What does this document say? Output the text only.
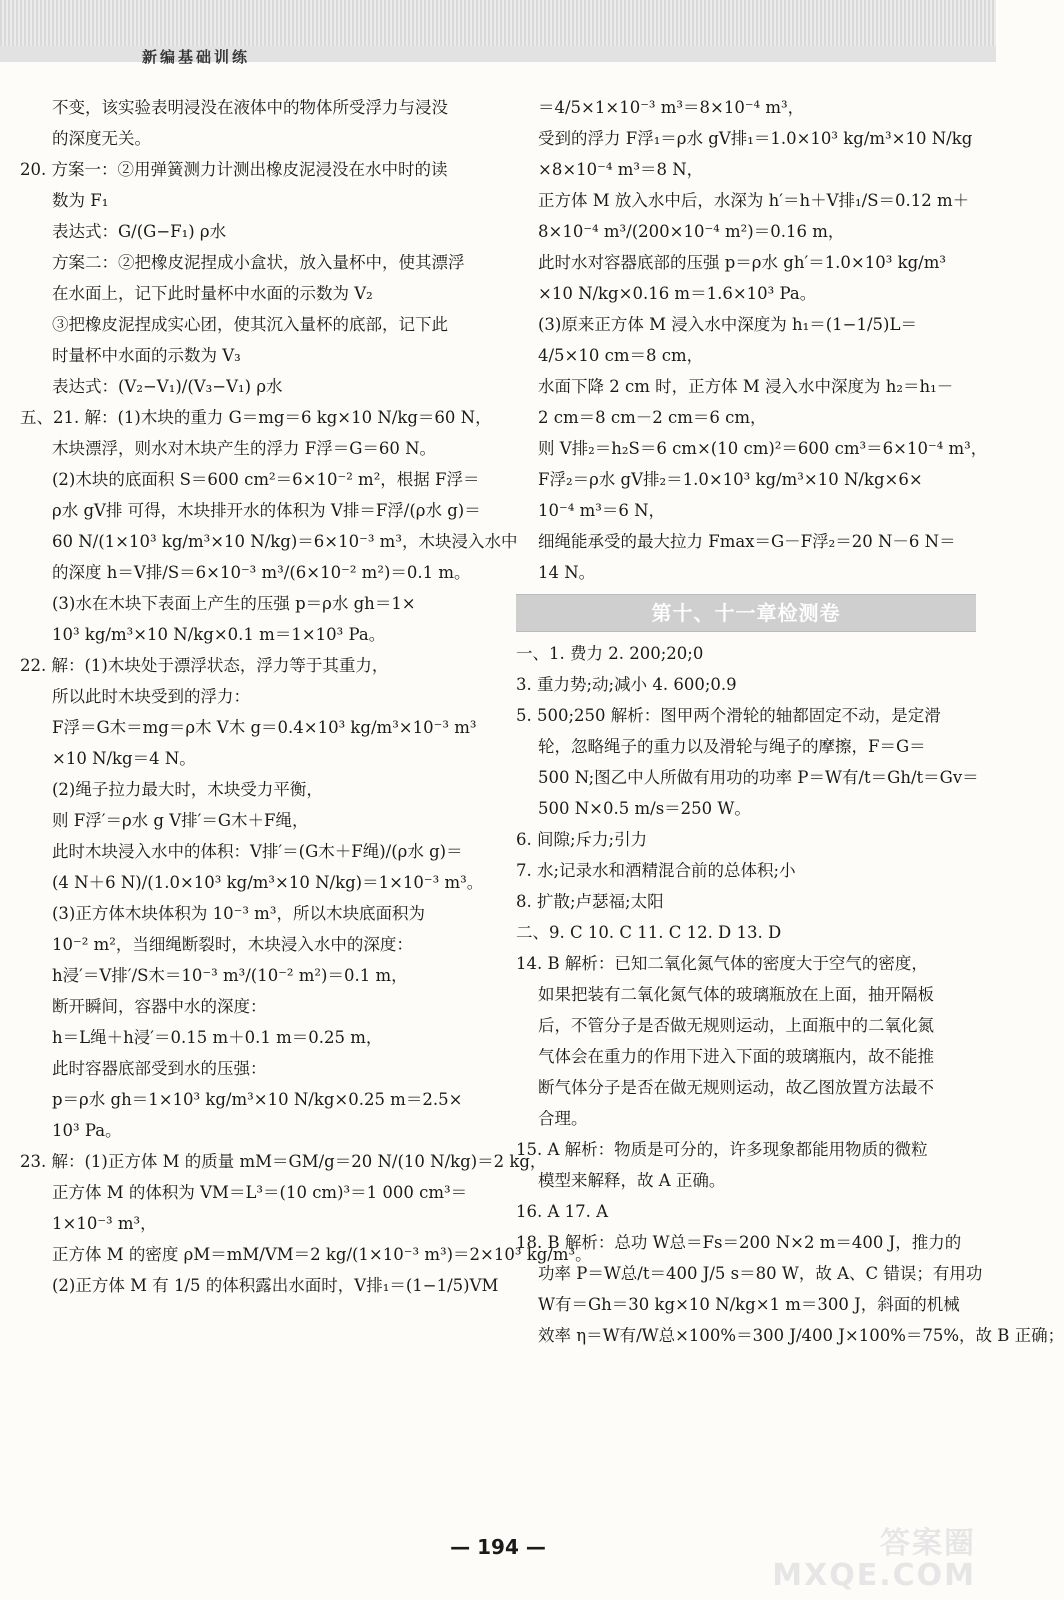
新编基础训练
不变，该实验表明浸没在液体中的物体所受浮力与浸没
的深度无关。
20. 方案一：②用弹簧测力计测出橡皮泥浸没在水中时的读
数为 F₁
表达式：G/(G−F₁) ρ水
方案二：②把橡皮泥捏成小盒状，放入量杯中，使其漂浮
在水面上，记下此时量杯中水面的示数为 V₂
③把橡皮泥捏成实心团，使其沉入量杯的底部，记下此
时量杯中水面的示数为 V₃
表达式：(V₂−V₁)/(V₃−V₁) ρ水
五、21. 解：(1)木块的重力 G＝mg＝6 kg×10 N/kg＝60 N，
木块漂浮，则水对木块产生的浮力 F浮＝G＝60 N。
(2)木块的底面积 S＝600 cm²＝6×10⁻² m²，根据 F浮＝
ρ水 gV排 可得，木块排开水的体积为 V排＝F浮/(ρ水 g)＝
60 N/(1×10³ kg/m³×10 N/kg)＝6×10⁻³ m³，木块浸入水中
的深度 h＝V排/S＝6×10⁻³ m³/(6×10⁻² m²)＝0.1 m。
(3)水在木块下表面上产生的压强 p＝ρ水 gh＝1×
10³ kg/m³×10 N/kg×0.1 m＝1×10³ Pa。
22. 解：(1)木块处于漂浮状态，浮力等于其重力，
所以此时木块受到的浮力：
F浮＝G木＝mg＝ρ木 V木 g＝0.4×10³ kg/m³×10⁻³ m³
×10 N/kg＝4 N。
(2)绳子拉力最大时，木块受力平衡，
则 F浮′＝ρ水 g V排′＝G木＋F绳，
此时木块浸入水中的体积：V排′＝(G木＋F绳)/(ρ水 g)＝
(4 N＋6 N)/(1.0×10³ kg/m³×10 N/kg)＝1×10⁻³ m³。
(3)正方体木块体积为 10⁻³ m³，所以木块底面积为
10⁻² m²，当细绳断裂时，木块浸入水中的深度：
h浸′＝V排′/S木＝10⁻³ m³/(10⁻² m²)＝0.1 m，
断开瞬间，容器中水的深度：
h＝L绳＋h浸′＝0.15 m＋0.1 m＝0.25 m，
此时容器底部受到水的压强：
p＝ρ水 gh＝1×10³ kg/m³×10 N/kg×0.25 m＝2.5×
10³ Pa。
23. 解：(1)正方体 M 的质量 mM＝GM/g＝20 N/(10 N/kg)＝2 kg，
正方体 M 的体积为 VM＝L³＝(10 cm)³＝1 000 cm³＝
1×10⁻³ m³，
正方体 M 的密度 ρM＝mM/VM＝2 kg/(1×10⁻³ m³)＝2×10³ kg/m³。
(2)正方体 M 有 1/5 的体积露出水面时，V排₁＝(1−1/5)VM
＝4/5×1×10⁻³ m³＝8×10⁻⁴ m³，
受到的浮力 F浮₁＝ρ水 gV排₁＝1.0×10³ kg/m³×10 N/kg
×8×10⁻⁴ m³＝8 N，
正方体 M 放入水中后，水深为 h′＝h＋V排₁/S＝0.12 m＋
8×10⁻⁴ m³/(200×10⁻⁴ m²)＝0.16 m，
此时水对容器底部的压强 p＝ρ水 gh′＝1.0×10³ kg/m³
×10 N/kg×0.16 m＝1.6×10³ Pa。
(3)原来正方体 M 浸入水中深度为 h₁＝(1−1/5)L＝
4/5×10 cm＝8 cm，
水面下降 2 cm 时，正方体 M 浸入水中深度为 h₂＝h₁－
2 cm＝8 cm－2 cm＝6 cm，
则 V排₂＝h₂S＝6 cm×(10 cm)²＝600 cm³＝6×10⁻⁴ m³，
F浮₂＝ρ水 gV排₂＝1.0×10³ kg/m³×10 N/kg×6×
10⁻⁴ m³＝6 N，
细绳能承受的最大拉力 Fmax＝G－F浮₂＝20 N－6 N＝
14 N。
第十、十一章检测卷
一、1. 费力 2. 200;20;0
3. 重力势;动;减小 4. 600;0.9
5. 500;250 解析：图甲两个滑轮的轴都固定不动，是定滑
轮，忽略绳子的重力以及滑轮与绳子的摩擦，F＝G＝
500 N;图乙中人所做有用功的功率 P＝W有/t＝Gh/t＝Gv＝
500 N×0.5 m/s＝250 W。
6. 间隙;斥力;引力
7. 水;记录水和酒精混合前的总体积;小
8. 扩散;卢瑟福;太阳
二、9. C 10. C 11. C 12. D 13. D
14. B 解析：已知二氧化氮气体的密度大于空气的密度，
如果把装有二氧化氮气体的玻璃瓶放在上面，抽开隔板
后，不管分子是否做无规则运动，上面瓶中的二氧化氮
气体会在重力的作用下进入下面的玻璃瓶内，故不能推
断气体分子是否在做无规则运动，故乙图放置方法最不
合理。
15. A 解析：物质是可分的，许多现象都能用物质的微粒
模型来解释，故 A 正确。
16. A 17. A
18. B 解析：总功 W总＝Fs＝200 N×2 m＝400 J，推力的
功率 P＝W总/t＝400 J/5 s＝80 W，故 A、C 错误；有用功
W有＝Gh＝30 kg×10 N/kg×1 m＝300 J，斜面的机械
效率 η＝W有/W总×100%＝300 J/400 J×100%＝75%，故 B 正确；
— 194 —	答案圈
MXQE.COM
